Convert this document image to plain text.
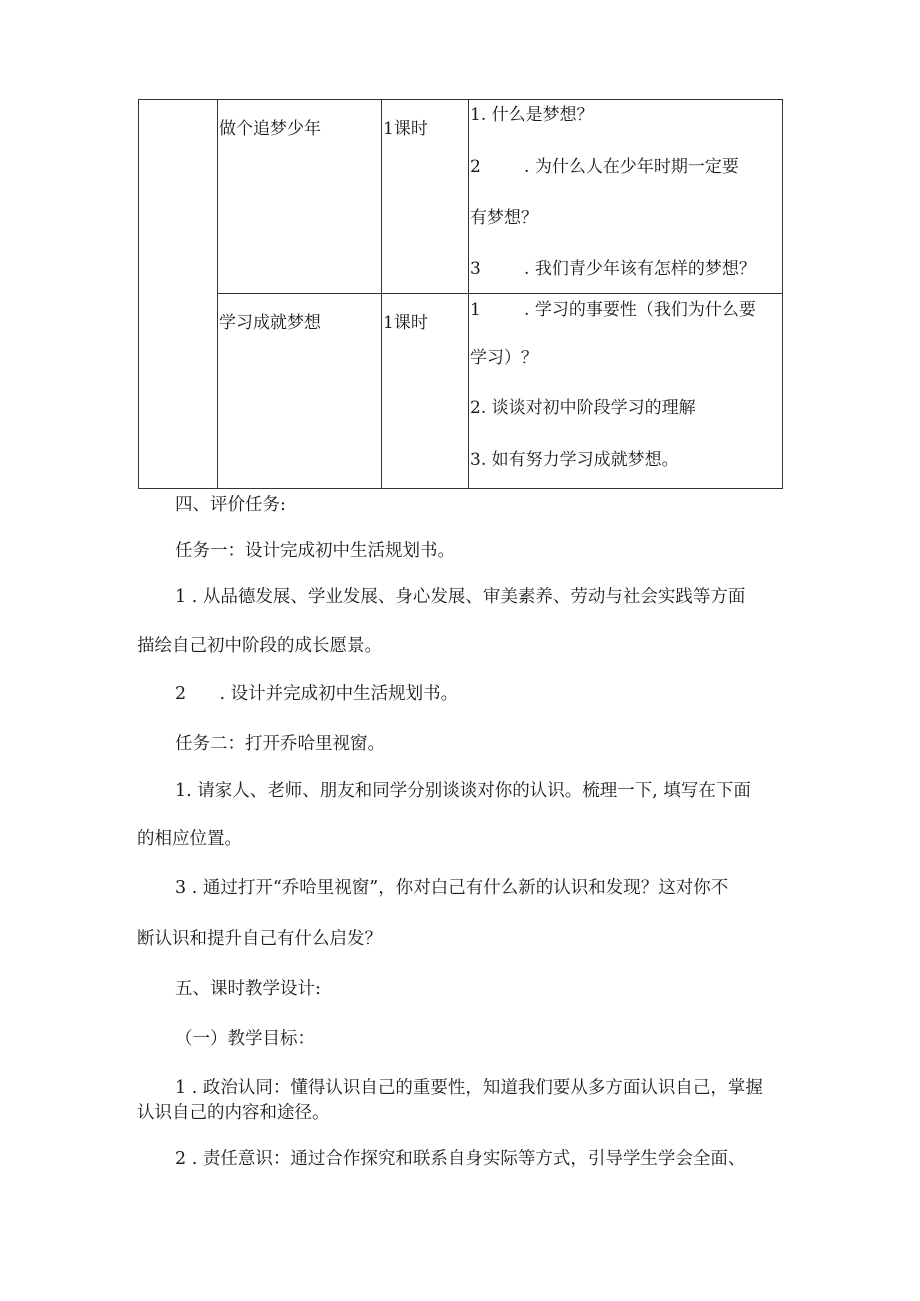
做个追梦少年	1课时
1. 什么是梦想？
2        . 为什么人在少年时期一定要
有梦想？
3        . 我们青少年该有怎样的梦想？
学习成就梦想	1课时
1        . 学习的事要性（我们为什么要
学习）？
2. 谈谈对初中阶段学习的理解
3. 如有努力学习成就梦想。
四、评价任务:
任务一：设计完成初中生活规划书。
1 . 从品德发展、学业发展、身心发展、审美素养、劳动与社会实践等方面
描绘自己初中阶段的成长愿景。
2      . 设计并完成初中生活规划书。
任务二：打开乔哈里视窗。
1. 请家人、老师、朋友和同学分别谈谈对你的认识。梳理一下, 填写在下面
的相应位置。
3 . 通过打开“乔哈里视窗”，你对白己有什么新的认识和发现？这对你不
断认识和提升自己有什么启发？
五、课时教学设计:
（一）教学目标：
1 . 政治认同：懂得认识自己的重要性，知道我们要从多方面认识自己，掌握
认识自己的内容和途径。
2 . 责任意识：通过合作探究和联系自身实际等方式，引导学生学会全面、
